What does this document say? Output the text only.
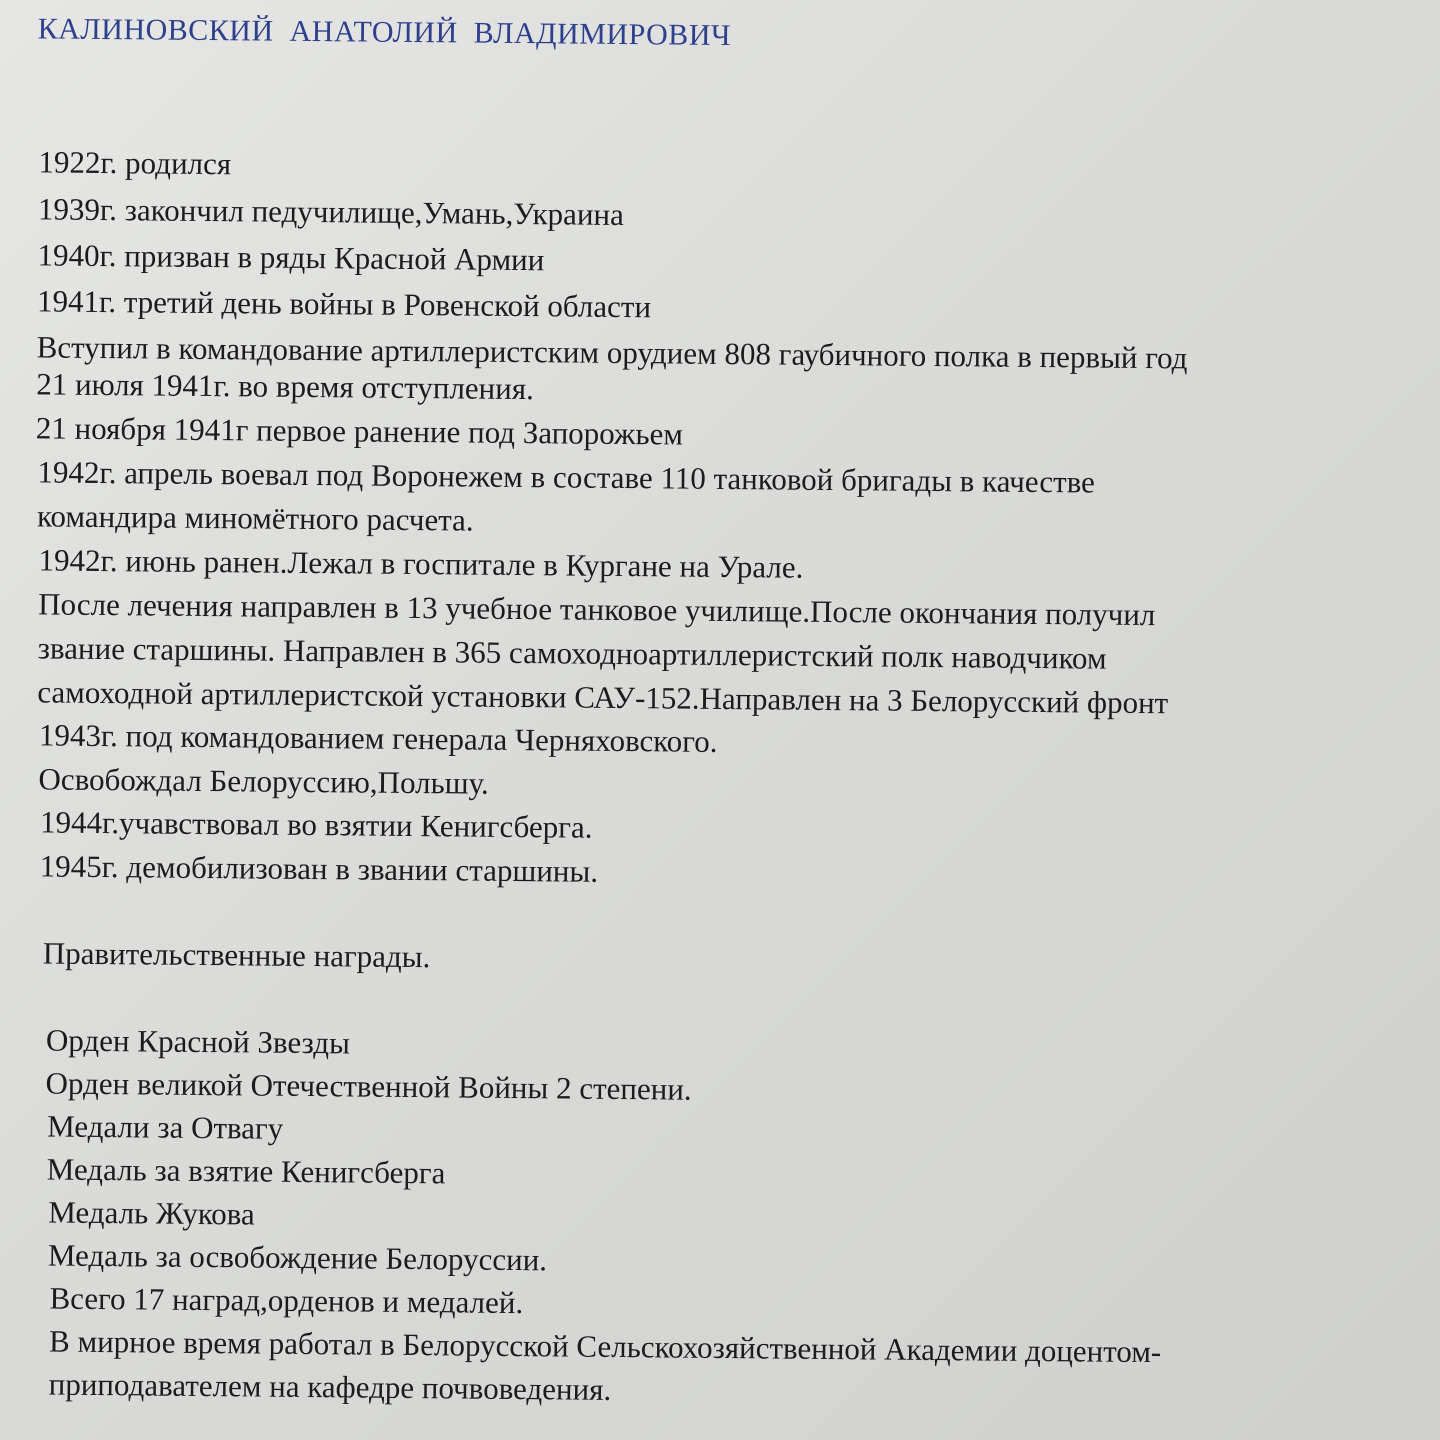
КАЛИНОВСКИЙ АНАТОЛИЙ ВЛАДИМИРОВИЧ

1922г. родился

1939г. закончил педучилище,Умань,Украина

1940г. призван в ряды Красной Армии

1941г. третий день войны в Ровенской области

Вступил в командование артиллеристским орудием 808 гаубичного полка в первый год

21 июля 1941г. во время отступления.

21 ноября 1941г первое ранение под Запорожьем

1942г. апрель воевал под Воронежем в составе 110 танковой бригады в качестве

командира миномётного расчета.

1942г. июнь ранен.Лежал в госпитале в Кургане на Урале.

После лечения направлен в 13 учебное танковое училище.После окончания получил

звание старшины. Направлен в 365 самоходноартиллеристский полк наводчиком

самоходной артиллеристской установки САУ-152.Направлен на 3 Белорусский фронт

1943г. под командованием генерала Черняховского.

Освобождал Белоруссию,Польшу.

1944г.учавствовал во взятии Кенигсберга.

1945г. демобилизован в звании старшины.

Правительственные награды.

Орден Красной Звезды

Орден великой Отечественной Войны 2 степени.

Медали за Отвагу

Медаль за взятие Кенигсберга

Медаль Жукова

Медаль за освобождение Белоруссии.

Всего 17 наград,орденов и медалей.

В мирное время работал в Белорусской Сельскохозяйственной Академии доцентом-

приподавателем на кафедре почвоведения.
